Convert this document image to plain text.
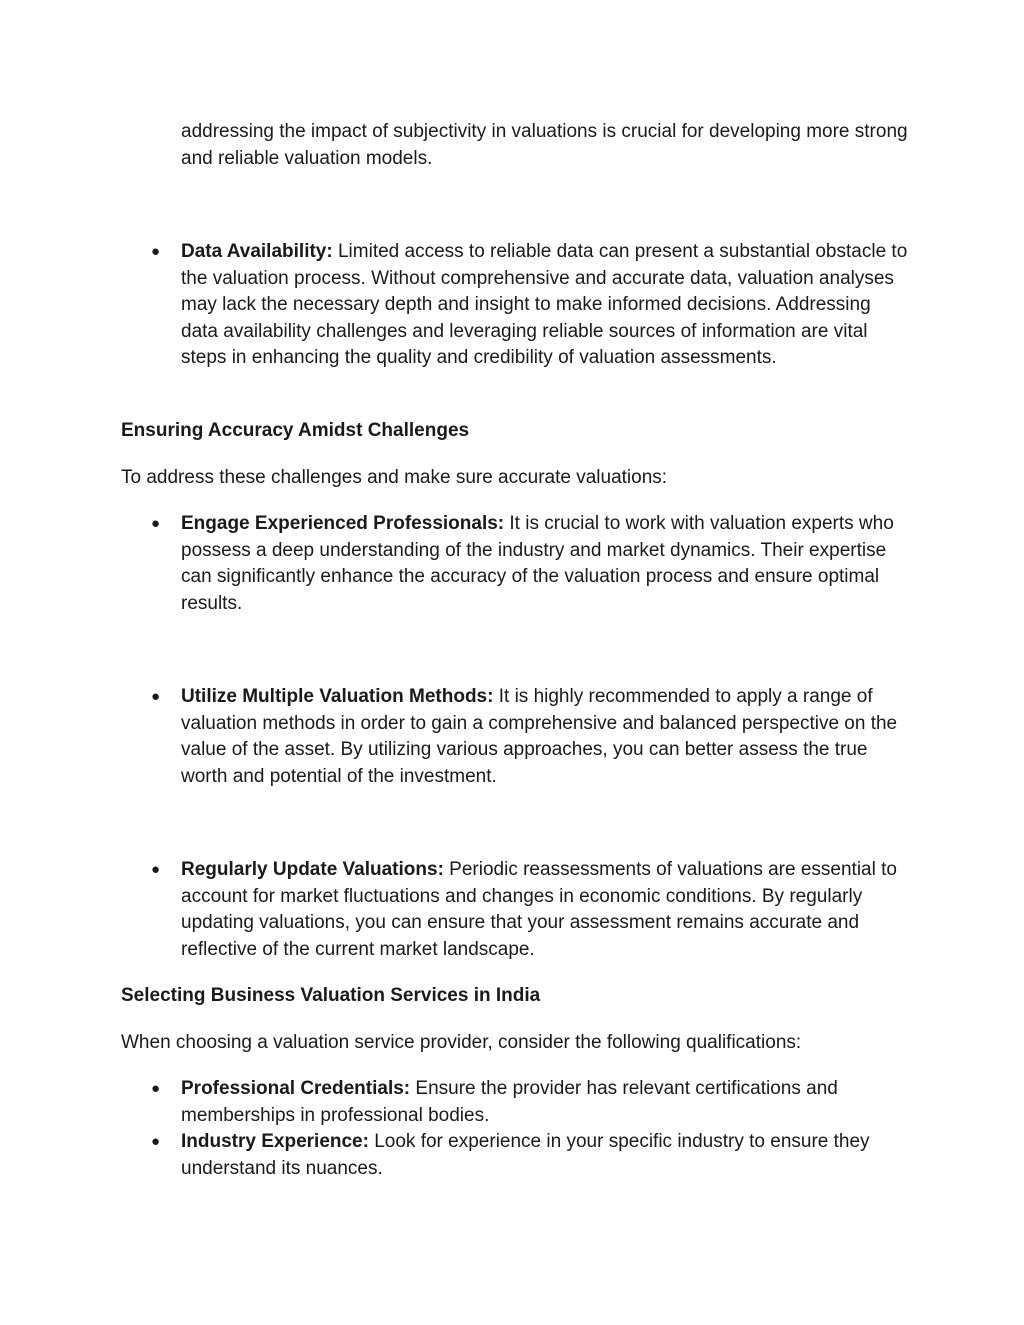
addressing the impact of subjectivity in valuations is crucial for developing more strong and reliable valuation models.
● Data Availability: Limited access to reliable data can present a substantial obstacle to the valuation process. Without comprehensive and accurate data, valuation analyses may lack the necessary depth and insight to make informed decisions. Addressing data availability challenges and leveraging reliable sources of information are vital steps in enhancing the quality and credibility of valuation assessments.
Ensuring Accuracy Amidst Challenges
To address these challenges and make sure accurate valuations:
● Engage Experienced Professionals: It is crucial to work with valuation experts who possess a deep understanding of the industry and market dynamics. Their expertise can significantly enhance the accuracy of the valuation process and ensure optimal results.
● Utilize Multiple Valuation Methods: It is highly recommended to apply a range of valuation methods in order to gain a comprehensive and balanced perspective on the value of the asset. By utilizing various approaches, you can better assess the true worth and potential of the investment.
● Regularly Update Valuations: Periodic reassessments of valuations are essential to account for market fluctuations and changes in economic conditions. By regularly updating valuations, you can ensure that your assessment remains accurate and reflective of the current market landscape.
Selecting Business Valuation Services in India
When choosing a valuation service provider, consider the following qualifications:
● Professional Credentials: Ensure the provider has relevant certifications and memberships in professional bodies.
● Industry Experience: Look for experience in your specific industry to ensure they understand its nuances.
